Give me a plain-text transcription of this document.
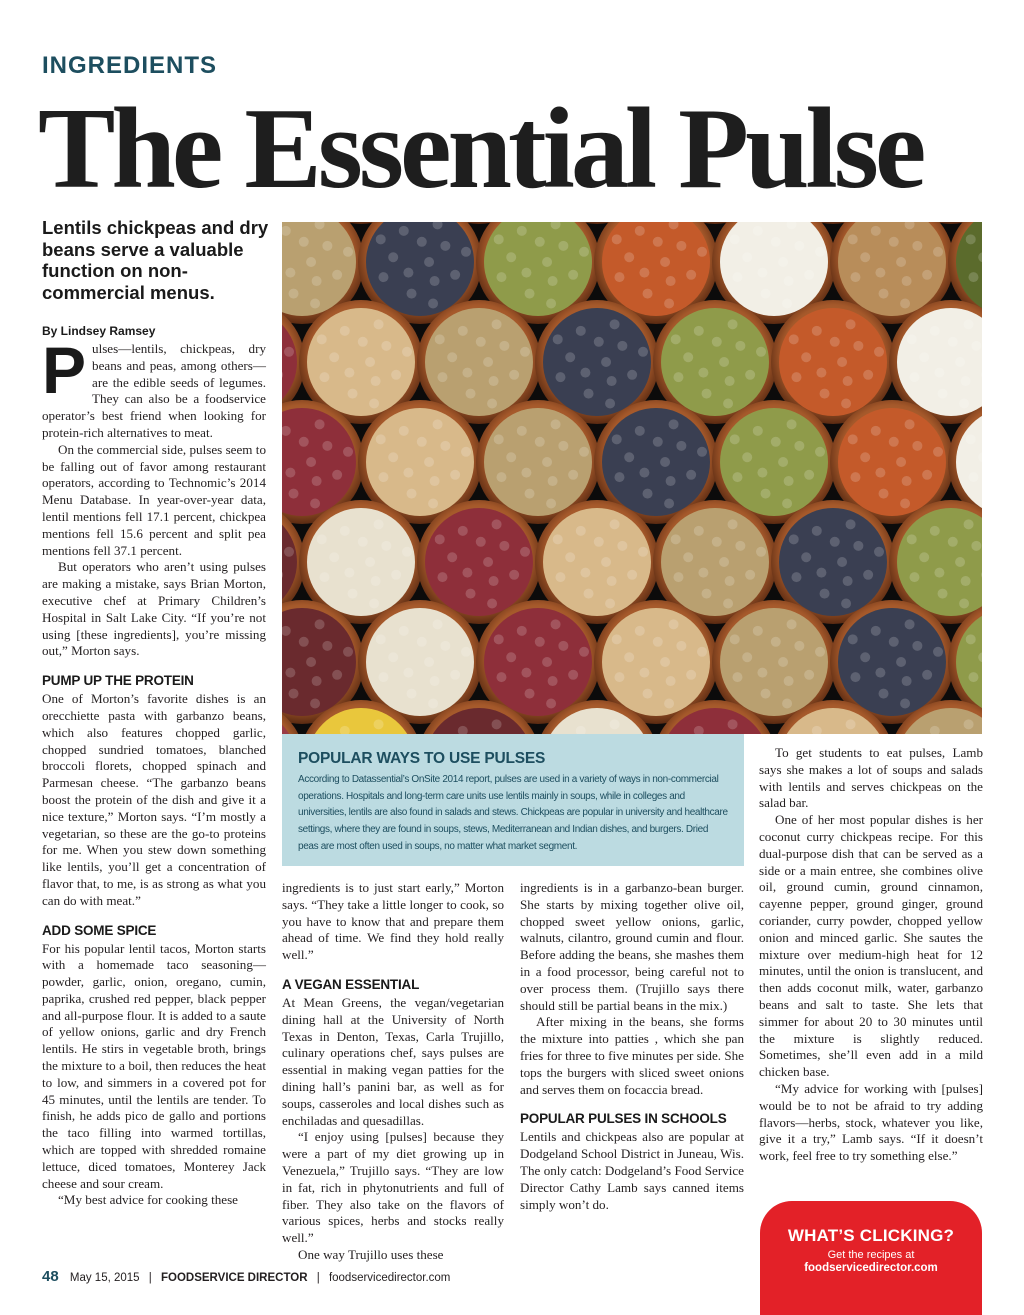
INGREDIENTS
The Essential Pulse
Lentils chickpeas and dry beans serve a valuable function on non-commercial menus.
By Lindsey Ramsey

Pulses—lentils, chickpeas, dry beans and peas, among others—are the edible seeds of legumes. They can also be a foodservice operator’s best friend when looking for protein-rich alternatives to meat.

On the commercial side, pulses seem to be falling out of favor among restaurant operators, according to Technomic’s 2014 Menu Database. In year-over-year data, lentil mentions fell 17.1 percent, chickpea mentions fell 15.6 percent and split pea mentions fell 37.1 percent.

But operators who aren’t using pulses are making a mistake, says Brian Morton, executive chef at Primary Children’s Hospital in Salt Lake City. “If you’re not using [these ingredients], you’re missing out,” Morton says.

PUMP UP THE PROTEIN

One of Morton’s favorite dishes is an orecchiette pasta with garbanzo beans, which also features chopped garlic, chopped sundried tomatoes, blanched broccoli florets, chopped spinach and Parmesan cheese. “The garbanzo beans boost the protein of the dish and give it a nice texture,” Morton says. “I’m mostly a vegetarian, so these are the go-to proteins for me. When you stew down something like lentils, you’ll get a concentration of flavor that, to me, is as strong as what you can do with meat.”

ADD SOME SPICE

For his popular lentil tacos, Morton starts with a homemade taco seasoning—powder, garlic, onion, oregano, cumin, paprika, crushed red pepper, black pepper and all-purpose flour. It is added to a saute of yellow onions, garlic and dry French lentils. He stirs in vegetable broth, brings the mixture to a boil, then reduces the heat to low, and simmers in a covered pot for 45 minutes, until the lentils are tender. To finish, he adds pico de gallo and portions the taco filling into warmed tortillas, which are topped with shredded romaine lettuce, diced tomatoes, Monterey Jack cheese and sour cream.

“My best advice for cooking these

POPULAR WAYS TO USE PULSES
According to Datassential’s OnSite 2014 report, pulses are used in a variety of ways in non-commercial operations. Hospitals and long-term care units use lentils mainly in soups, while in colleges and universities, lentils are also found in salads and stews. Chickpeas are popular in university and healthcare settings, where they are found in soups, stews, Mediterranean and Indian dishes, and burgers. Dried peas are most often used in soups, no matter what market segment.

ingredients is to just start early,” Morton says. “They take a little longer to cook, so you have to know that and prepare them ahead of time. We find they hold really well.”

A VEGAN ESSENTIAL

At Mean Greens, the vegan/vegetarian dining hall at the University of North Texas in Denton, Texas, Carla Trujillo, culinary operations chef, says pulses are essential in making vegan patties for the dining hall’s panini bar, as well as for soups, casseroles and local dishes such as enchiladas and quesadillas.

“I enjoy using [pulses] because they were a part of my diet growing up in Venezuela,” Trujillo says. “They are low in fat, rich in phytonutrients and full of fiber. They also take on the flavors of various spices, herbs and stocks really well.”

One way Trujillo uses these

ingredients is in a garbanzo-bean burger. She starts by mixing together olive oil, chopped sweet yellow onions, garlic, walnuts, cilantro, ground cumin and flour. Before adding the beans, she mashes them in a food processor, being careful not to over process them. (Trujillo says there should still be partial beans in the mix.)

After mixing in the beans, she forms the mixture into patties , which she pan fries for three to five minutes per side. She tops the burgers with sliced sweet onions and serves them on focaccia bread.

POPULAR PULSES IN SCHOOLS

Lentils and chickpeas also are popular at Dodgeland School District in Juneau, Wis. The only catch: Dodgeland’s Food Service Director Cathy Lamb says canned items simply won’t do.

To get students to eat pulses, Lamb says she makes a lot of soups and salads with lentils and serves chickpeas on the salad bar.

One of her most popular dishes is her coconut curry chickpeas recipe. For this dual-purpose dish that can be served as a side or a main entree, she combines olive oil, ground cumin, ground cinnamon, cayenne pepper, ground ginger, ground coriander, curry powder, chopped yellow onion and minced garlic. She sautes the mixture over medium-high heat for 12 minutes, until the onion is translucent, and then adds coconut milk, water, garbanzo beans and salt to taste. She lets that simmer for about 20 to 30 minutes until the mixture is slightly reduced. Sometimes, she’ll even add in a mild chicken base.

“My advice for working with [pulses] would be to not be afraid to try adding flavors—herbs, stock, whatever you like, give it a try,” Lamb says. “If it doesn’t work, feel free to try something else.”

WHAT’S CLICKING?
Get the recipes at
foodservicedirector.com
48 May 15, 2015 | FOODSERVICE DIRECTOR | foodservicedirector.com
